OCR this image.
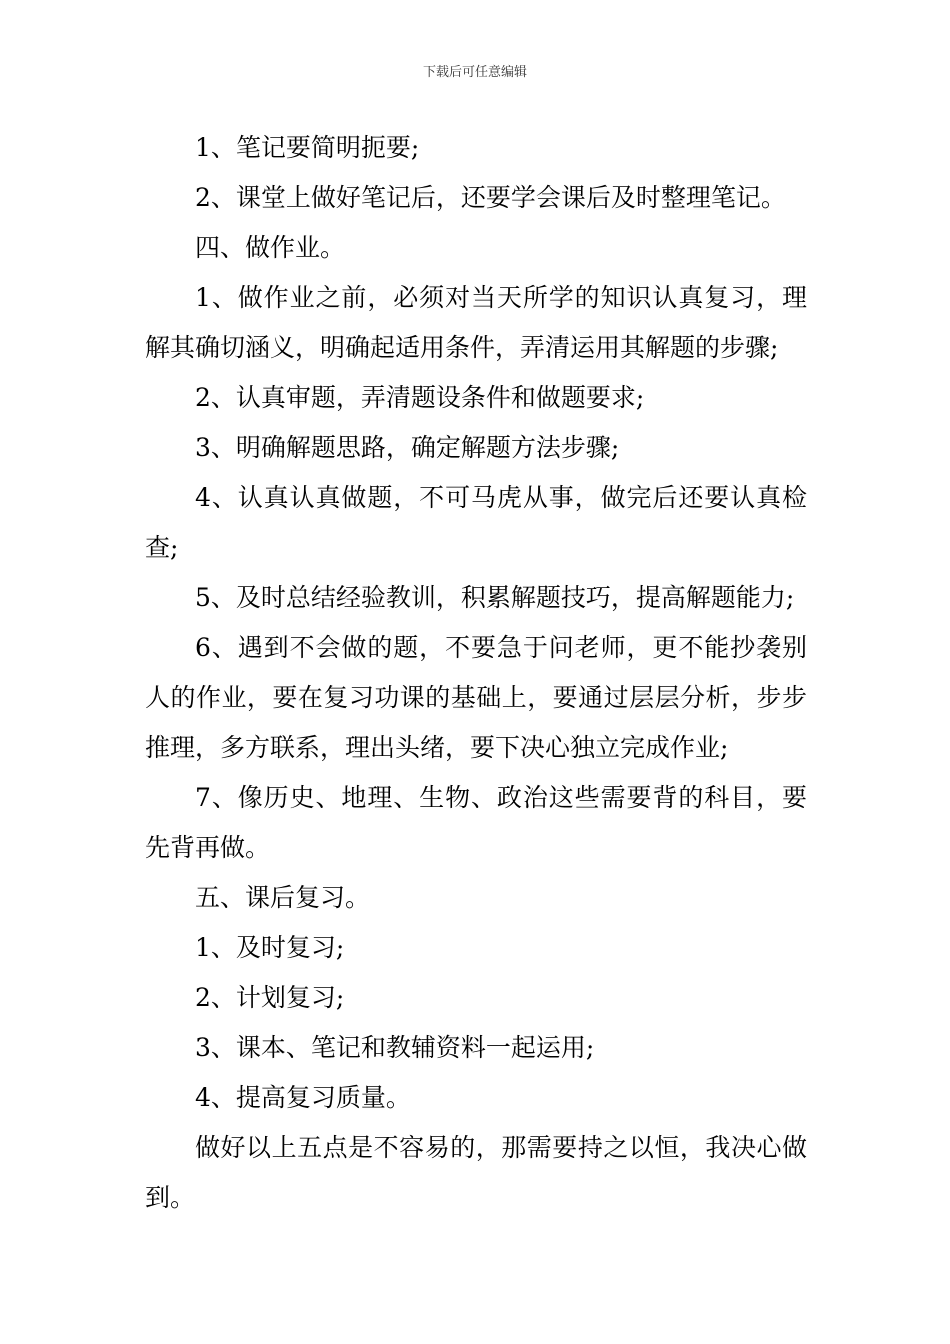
下载后可任意编辑

1、笔记要简明扼要;

2、课堂上做好笔记后，还要学会课后及时整理笔记。

四、做作业。

1、做作业之前，必须对当天所学的知识认真复习，理解其确切涵义，明确起适用条件，弄清运用其解题的步骤;

2、认真审题，弄清题设条件和做题要求;

3、明确解题思路，确定解题方法步骤;

4、认真认真做题，不可马虎从事，做完后还要认真检查;

5、及时总结经验教训，积累解题技巧，提高解题能力;

6、遇到不会做的题，不要急于问老师，更不能抄袭别人的作业，要在复习功课的基础上，要通过层层分析，步步推理，多方联系，理出头绪，要下决心独立完成作业;

7、像历史、地理、生物、政治这些需要背的科目，要先背再做。

五、课后复习。

1、及时复习;

2、计划复习;

3、课本、笔记和教辅资料一起运用;

4、提高复习质量。

做好以上五点是不容易的，那需要持之以恒，我决心做到。
